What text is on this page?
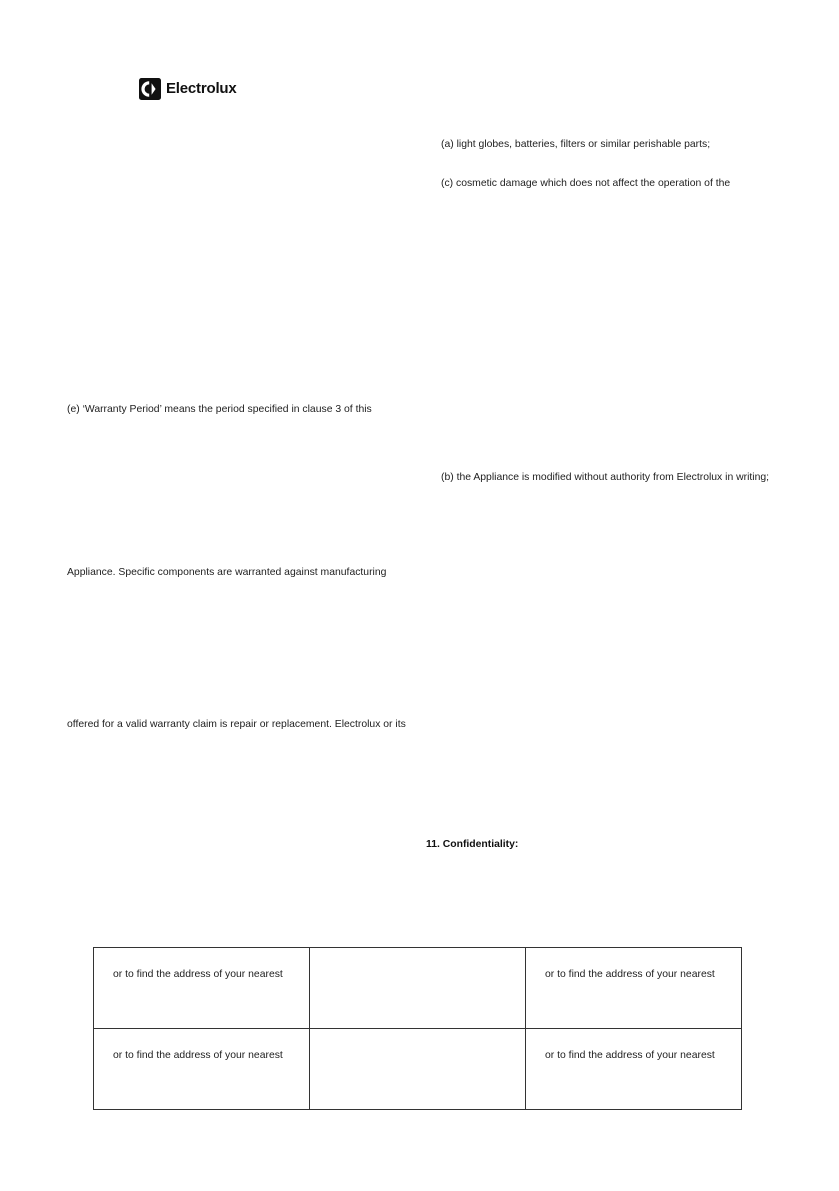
Electrolux
(a) light globes, batteries, filters or similar perishable parts;
(c) cosmetic damage which does not affect the operation of the
(e) ‘Warranty Period’ means the period specified in clause 3 of this
(b) the Appliance is modified without authority from Electrolux in writing;
Appliance. Specific components are warranted against manufacturing
offered for a valid warranty claim is repair or replacement. Electrolux or its
11. Confidentiality:
or to find the address of your nearest		or to find the address of your nearest

or to find the address of your nearest		or to find the address of your nearest
